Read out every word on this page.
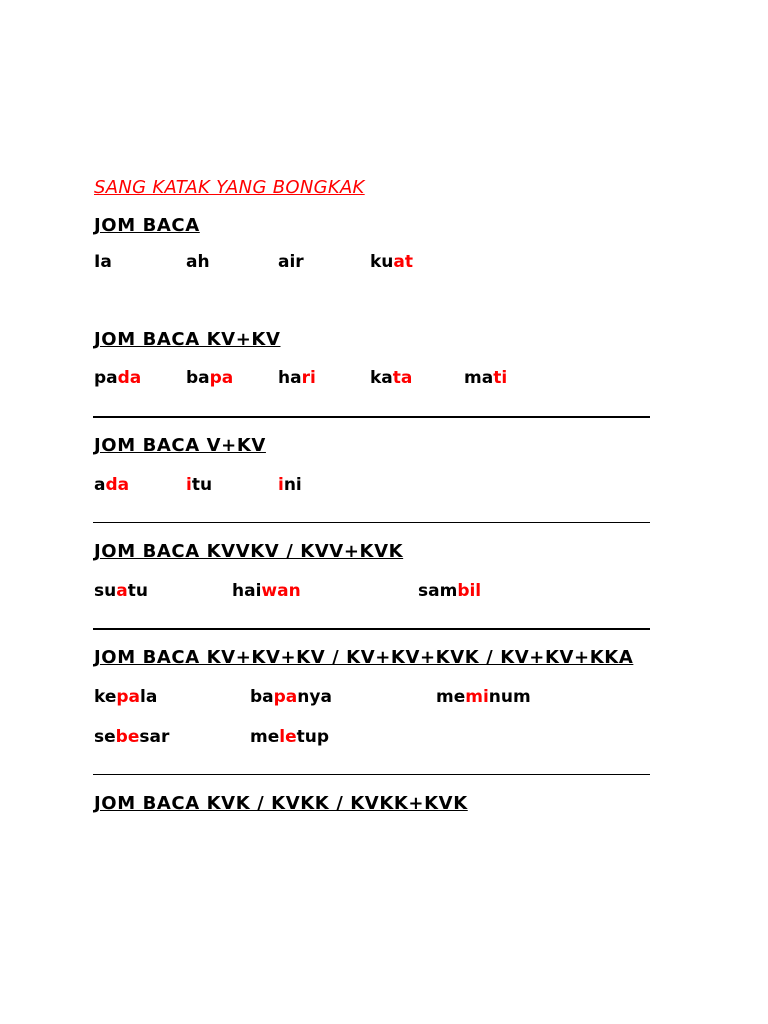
SANG KATAK YANG BONGKAK
JOM BACA
Ia	ah	air	kuat
JOM BACA KV+KV
pada	bapa	hari	kata	mati
JOM BACA V+KV
ada	itu	ini
JOM BACA KVVKV / KVV+KVK
suatu	haiwan	sambil
JOM BACA KV+KV+KV / KV+KV+KVK / KV+KV+KKA
kepala	bapanya	meminum
sebesar	meletup
JOM BACA KVK / KVKK / KVKK+KVK
